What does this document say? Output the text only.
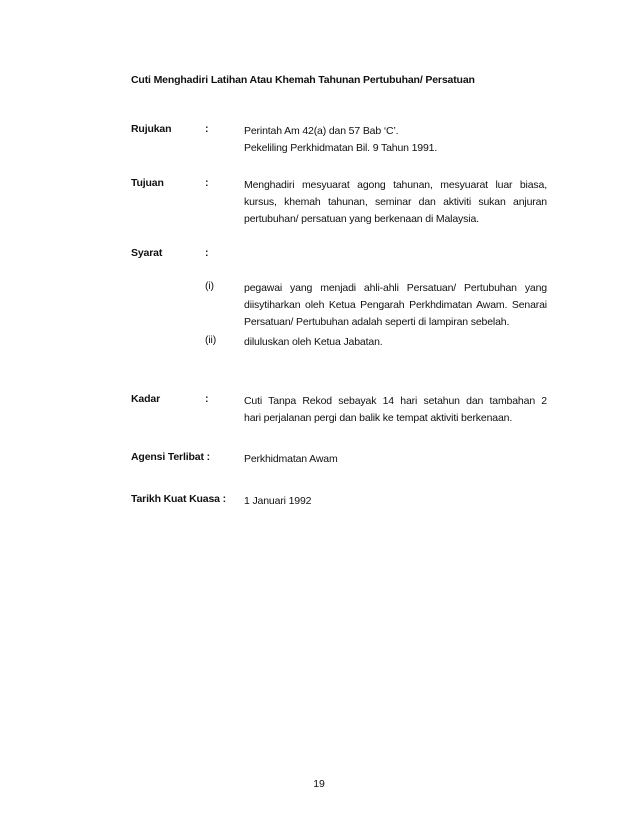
Cuti Menghadiri Latihan Atau Khemah Tahunan Pertubuhan/ Persatuan
Rujukan	:	Perintah Am 42(a) dan 57 Bab ‘C’.
Pekeliling Perkhidmatan Bil. 9 Tahun 1991.
Tujuan	:	Menghadiri mesyuarat agong tahunan, mesyuarat luar biasa,
kursus, khemah tahunan, seminar dan aktiviti sukan anjuran
pertubuhan/ persatuan yang berkenaan di Malaysia.
Syarat	:
(i)	pegawai yang menjadi ahli-ahli Persatuan/ Pertubuhan yang
diisytiharkan oleh Ketua Pengarah Perkhdimatan Awam. Senarai
Persatuan/ Pertubuhan adalah seperti di lampiran sebelah.
(ii)	diluluskan oleh Ketua Jabatan.
Kadar	:	Cuti Tanpa Rekod sebayak 14 hari setahun dan tambahan 2
hari perjalanan pergi dan balik ke tempat aktiviti berkenaan.
Agensi Terlibat :	Perkhidmatan Awam
Tarikh Kuat Kuasa : 1 Januari 1992
19
